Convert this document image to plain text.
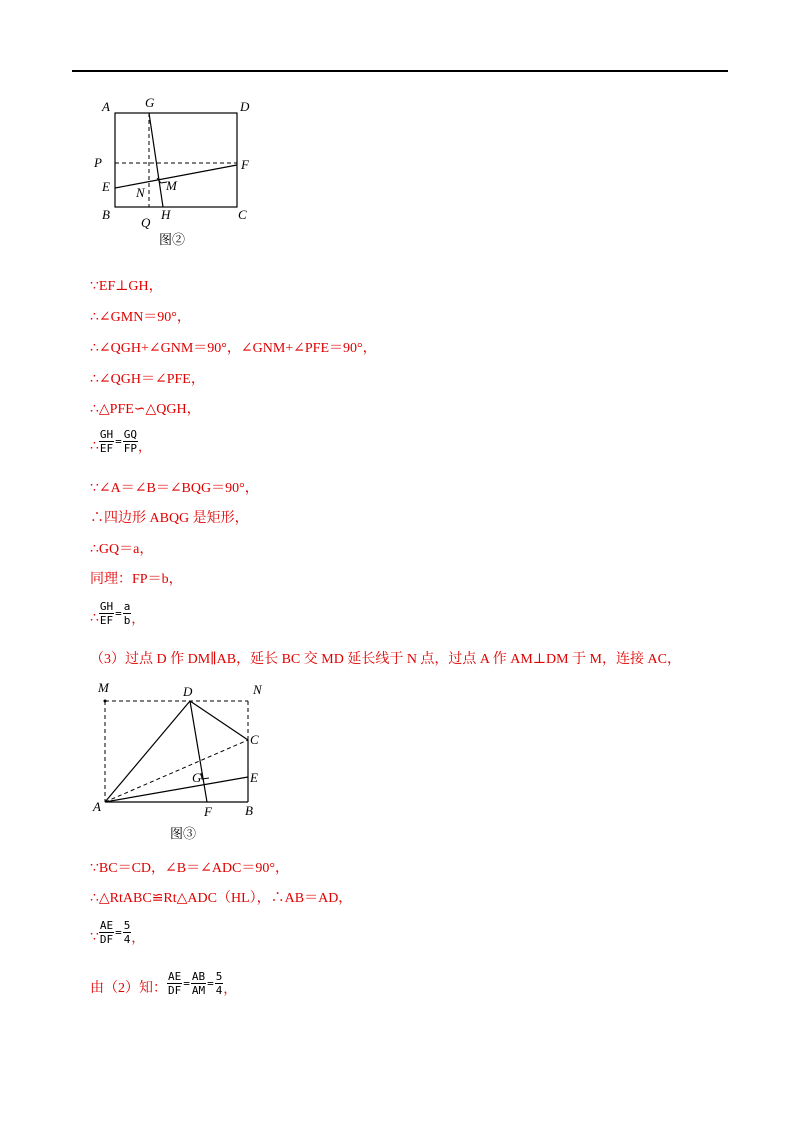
A	G	D
P	F
E N M
B
Q
H	C
图②
∵EF⊥GH，
∴∠GMN＝90°，
∴∠QGH+∠GNM＝90°，∠GNM+∠PFE＝90°，
∴∠QGH＝∠PFE，
∴△PFE∽△QGH，
∴ $\frac{GH}{EF} = \frac{GQ}{FP}$ ，
∵∠A＝∠B＝∠BQG＝90°，
∴四边形 ABQG 是矩形，
∴GQ＝a，
同理：FP＝b，
∴ $\frac{GH}{EF} = \frac{a}{b}$ ，
（3）过点 D 作 DM∥AB，延长 BC 交 MD 延长线于 N 点，过点 A 作 AM⊥DM 于 M，连接 AC，
M	D	N
C
G	E
A	F	B
图③
∵BC＝CD，∠B＝∠ADC＝90°，
∴△RtABC≌Rt△ADC（HL），∴AB＝AD，
∵ $\frac{AE}{DF} = \frac{5}{4}$ ，
由（2）知： $\frac{AE}{DF} = \frac{AB}{AM} = \frac{5}{4}$ ，
